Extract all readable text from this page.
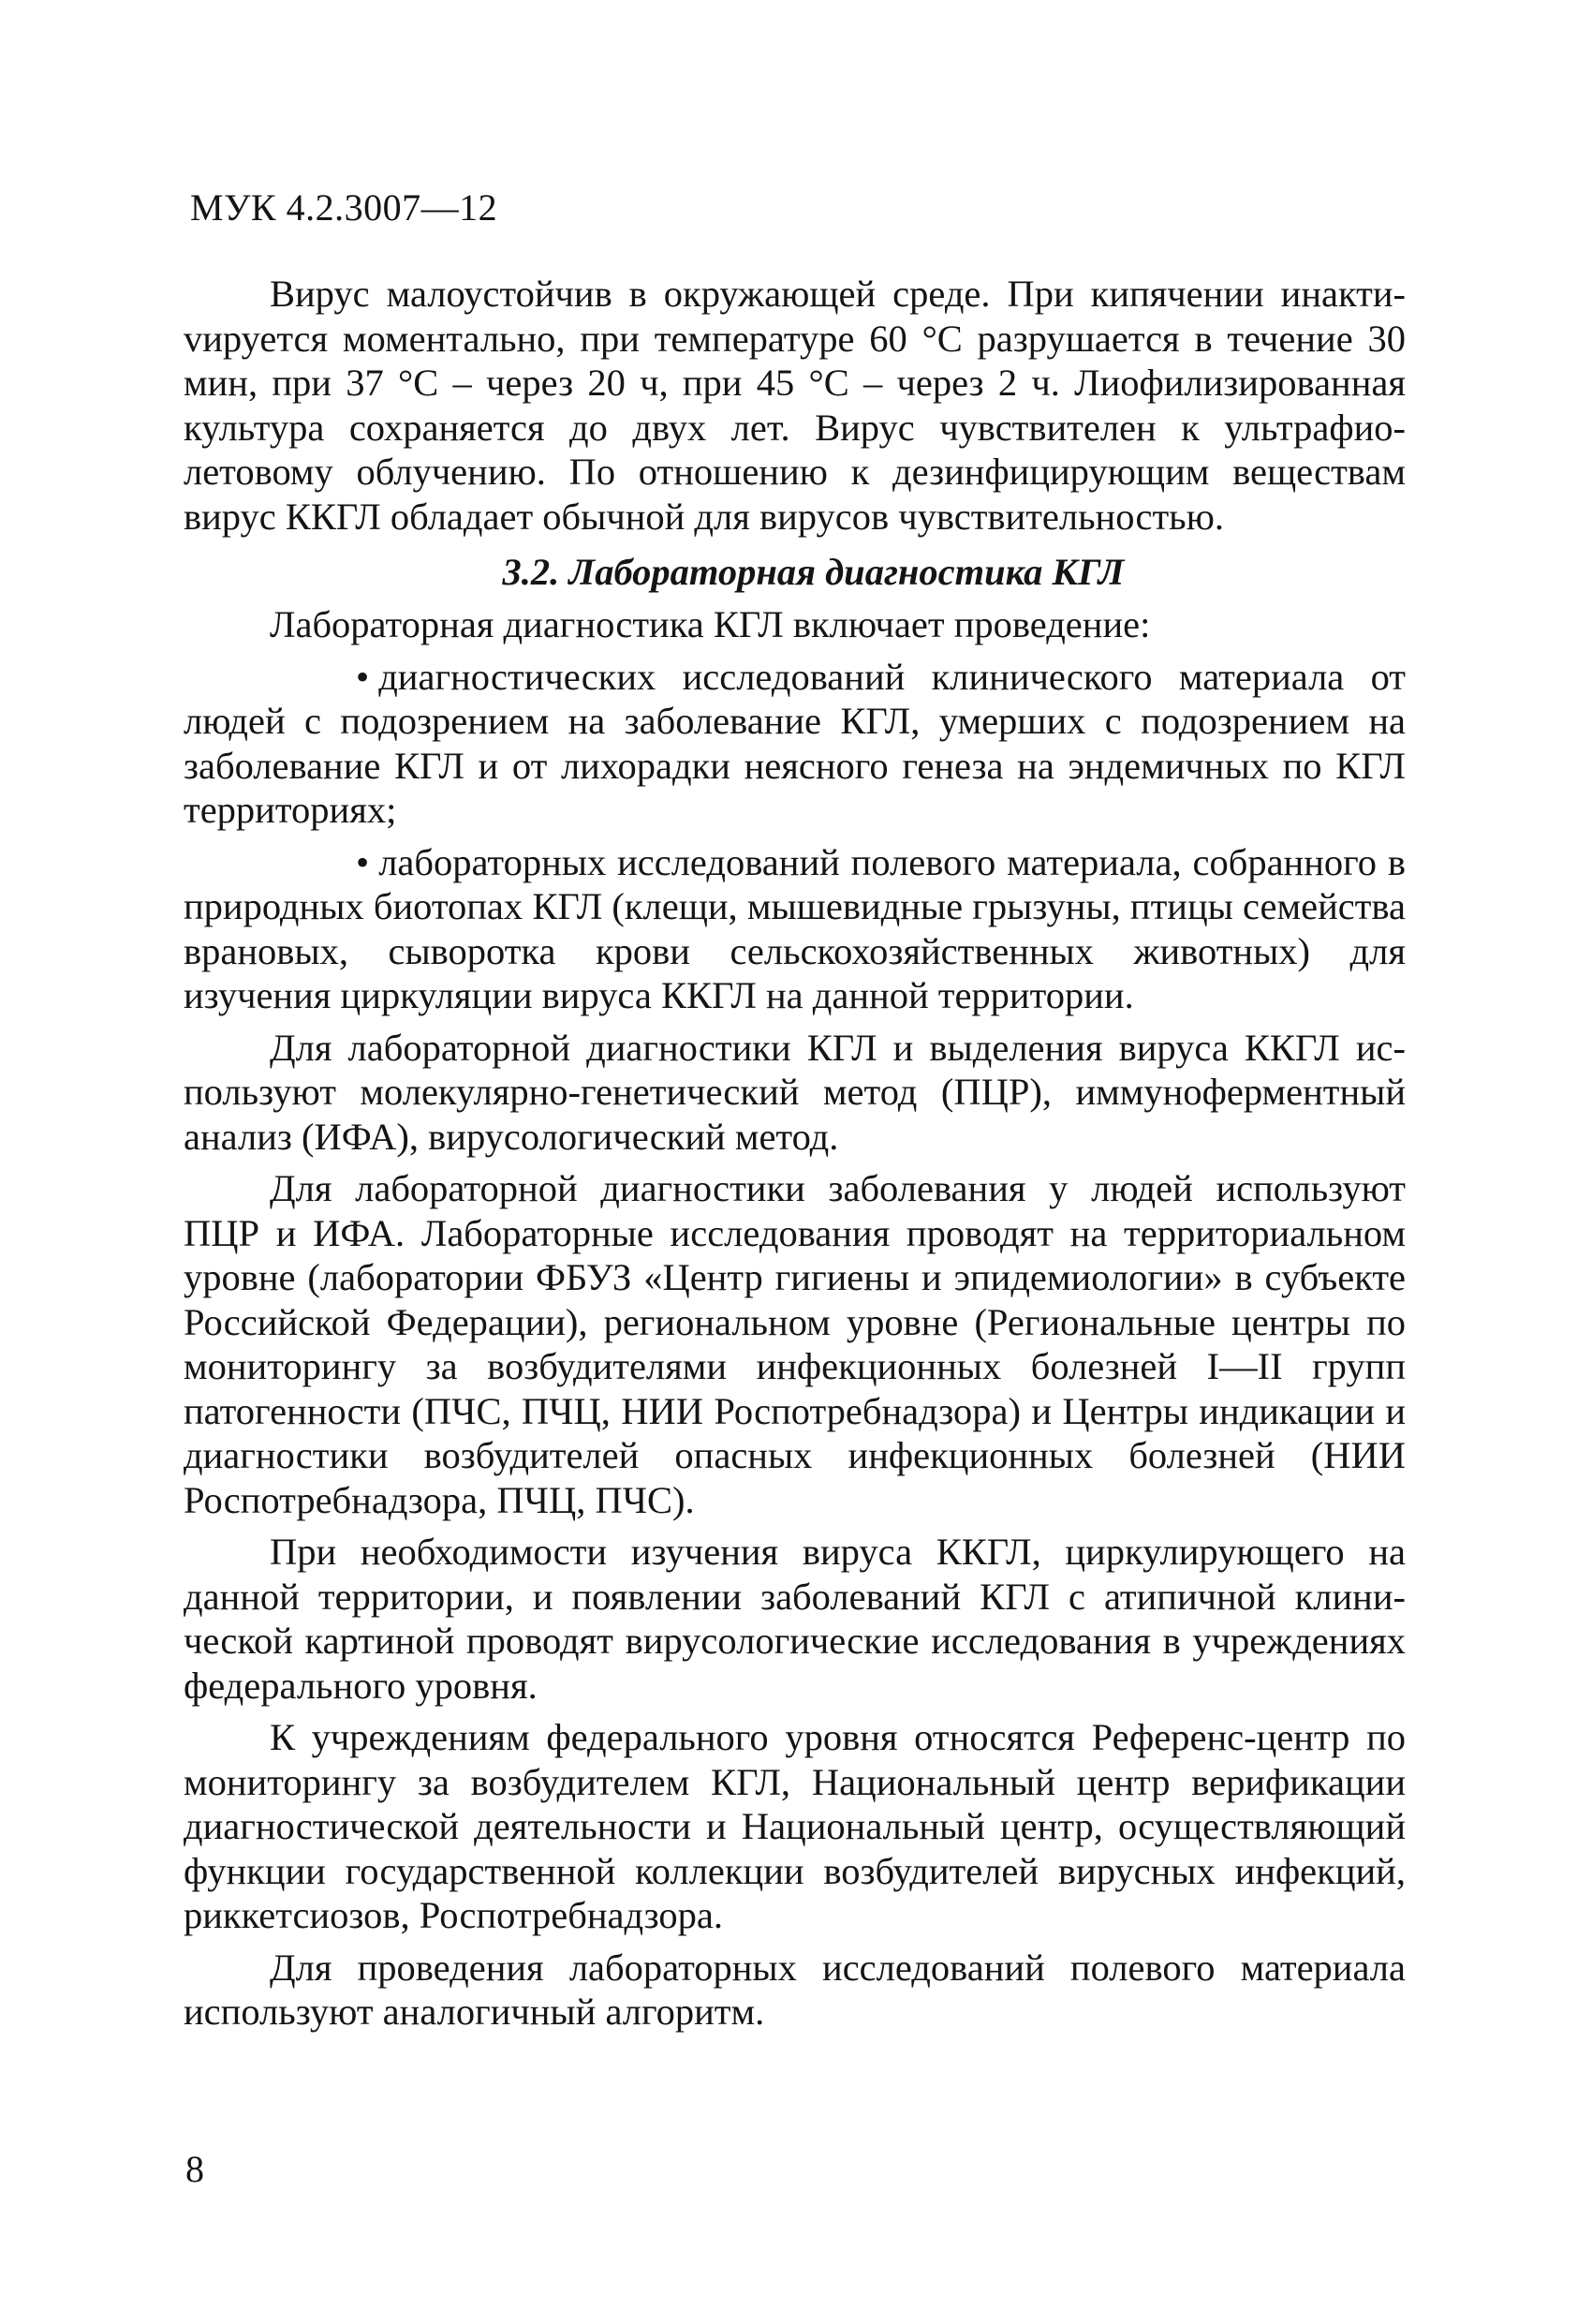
МУК 4.2.3007—12

Вирус малоустойчив в окружающей среде. При кипячении инактиvируется моментально, при температуре 60 °С разрушается в течение 30 мин, при 37 °С – через 20 ч, при 45 °С – через 2 ч. Лиофилизированная культура сохраняется до двух лет. Вирус чувствителен к ультрафиолетовому облучению. По отношению к дезинфицирующим веществам вирус ККГЛ обладает обычной для вирусов чувствительностью.

3.2. Лабораторная диагностика КГЛ

Лабораторная диагностика КГЛ включает проведение:

• диагностических исследований клинического материала от людей с подозрением на заболевание КГЛ, умерших с подозрением на заболевание КГЛ и от лихорадки неясного генеза на эндемичных по КГЛ территориях;

• лабораторных исследований полевого материала, собранного в природных биотопах КГЛ (клещи, мышевидные грызуны, птицы семейства врановых, сыворотка крови сельскохозяйственных животных) для изучения циркуляции вируса ККГЛ на данной территории.

Для лабораторной диагностики КГЛ и выделения вируса ККГЛ используют молекулярно-генетический метод (ПЦР), иммуноферментный анализ (ИФА), вирусологический метод.

Для лабораторной диагностики заболевания у людей используют ПЦР и ИФА. Лабораторные исследования проводят на территориальном уровне (лаборатории ФБУЗ «Центр гигиены и эпидемиологии» в субъекте Российской Федерации), региональном уровне (Региональные центры по мониторингу за возбудителями инфекционных болезней I—II групп патогенности (ПЧС, ПЧЦ, НИИ Роспотребнадзора) и Центры индикации и диагностики возбудителей опасных инфекционных болезней (НИИ Роспотребнадзора, ПЧЦ, ПЧС).

При необходимости изучения вируса ККГЛ, циркулирующего на данной территории, и появлении заболеваний КГЛ с атипичной клинической картиной проводят вирусологические исследования в учреждениях федерального уровня.

К учреждениям федерального уровня относятся Референс-центр по мониторингу за возбудителем КГЛ, Национальный центр верификации диагностической деятельности и Национальный центр, осуществляющий функции государственной коллекции возбудителей вирусных инфекций, риккетсиозов, Роспотребнадзора.

Для проведения лабораторных исследований полевого материала используют аналогичный алгоритм.

8
